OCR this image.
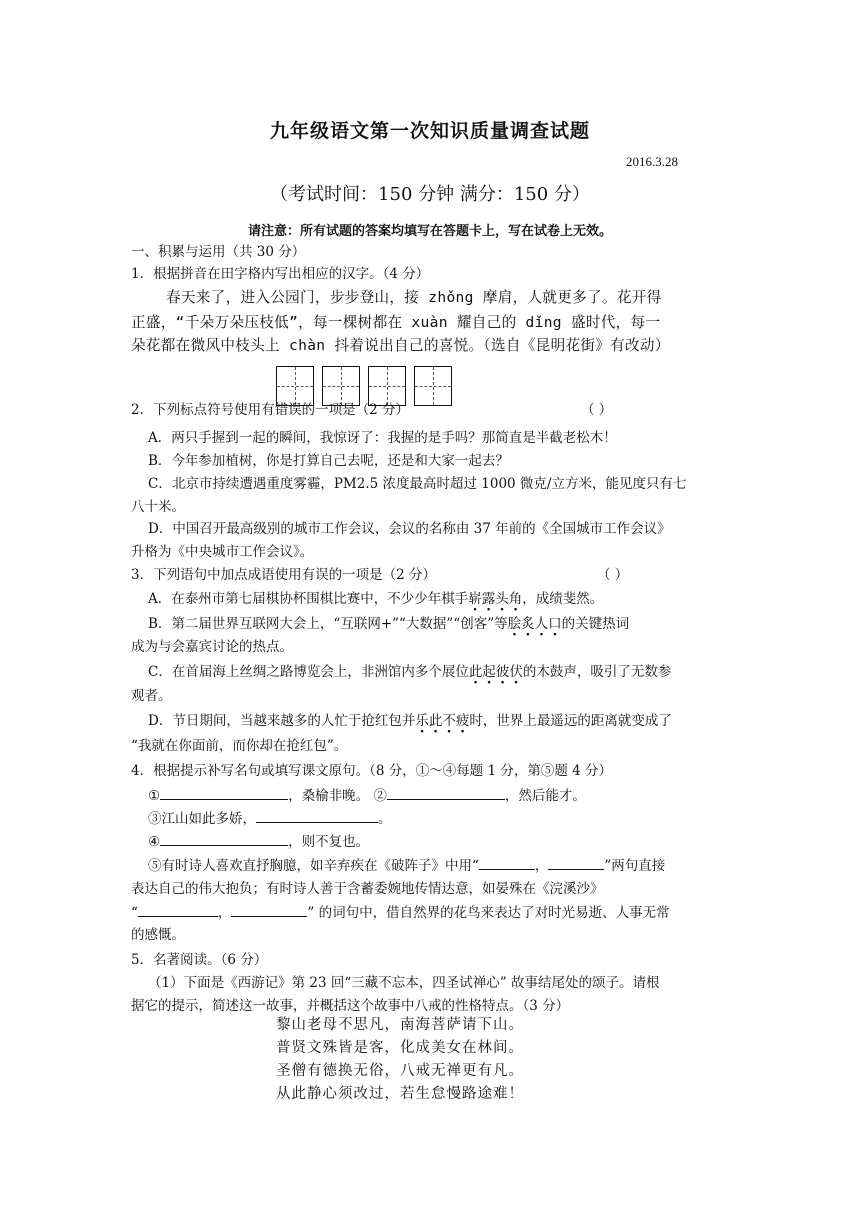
九年级语文第一次知识质量调查试题
2016.3.28
（考试时间：150 分钟 满分：150 分）
请注意：所有试题的答案均填写在答题卡上，写在试卷上无效。
一、积累与运用（共 30 分）
1．根据拼音在田字格内写出相应的汉字。（4 分）
春天来了，进入公园门，步步登山，接 zhǒng 摩肩，人就更多了。花开得
正盛，“千朵万朵压枝低”，每一棵树都在 xuàn 耀自己的 dǐng 盛时代，每一
朵花都在微风中枝头上 chàn 抖着说出自己的喜悦。（选自《昆明花街》有改动）
2．下列标点符号使用有错误的一项是（2 分）	（ ）
A．两只手握到一起的瞬间，我惊讶了：我握的是手吗？那简直是半截老松木！
B．今年参加植树，你是打算自己去呢，还是和大家一起去？
C．北京市持续遭遇重度雾霾，PM2.5 浓度最高时超过 1000 微克/立方米，能见度只有七
八十米。
D．中国召开最高级别的城市工作会议，会议的名称由 37 年前的《全国城市工作会议》
升格为《中央城市工作会议》。
3．下列语句中加点成语使用有误的一项是（2 分）	（ ）
A．在泰州市第七届棋协杯围棋比赛中，不少少年棋手崭露头角，成绩斐然。
B．第二届世界互联网大会上，“互联网+”“大数据”“创客”等脍炙人口的关键热词
成为与会嘉宾讨论的热点。
C．在首届海上丝绸之路博览会上，非洲馆内多个展位此起彼伏的木鼓声，吸引了无数参
观者。
D．节日期间，当越来越多的人忙于抢红包并乐此不疲时，世界上最遥远的距离就变成了
“我就在你面前，而你却在抢红包”。
4．根据提示补写名句或填写课文原句。（8 分，①～④每题 1 分，第⑤题 4 分）
①	，桑榆非晚。 ②	，然后能才。
③江山如此多娇，	。
④	，则不复也。
⑤有时诗人喜欢直抒胸臆，如辛弃疾在《破阵子》中用“	，	”两句直接
表达自己的伟大抱负；有时诗人善于含蓄委婉地传情达意，如晏殊在《浣溪沙》
“	，	” 的词句中，借自然界的花鸟来表达了对时光易逝、人事无常
的感慨。
5．名著阅读。（6 分）
（1）下面是《西游记》第 23 回“三藏不忘本，四圣试禅心” 故事结尾处的颂子。请根
据它的提示，简述这一故事，并概括这个故事中八戒的性格特点。（3 分）
黎山老母不思凡，南海菩萨请下山。
普贤文殊皆是客，化成美女在林间。
圣僧有德换无俗，八戒无禅更有凡。
从此静心须改过，若生怠慢路途难！
